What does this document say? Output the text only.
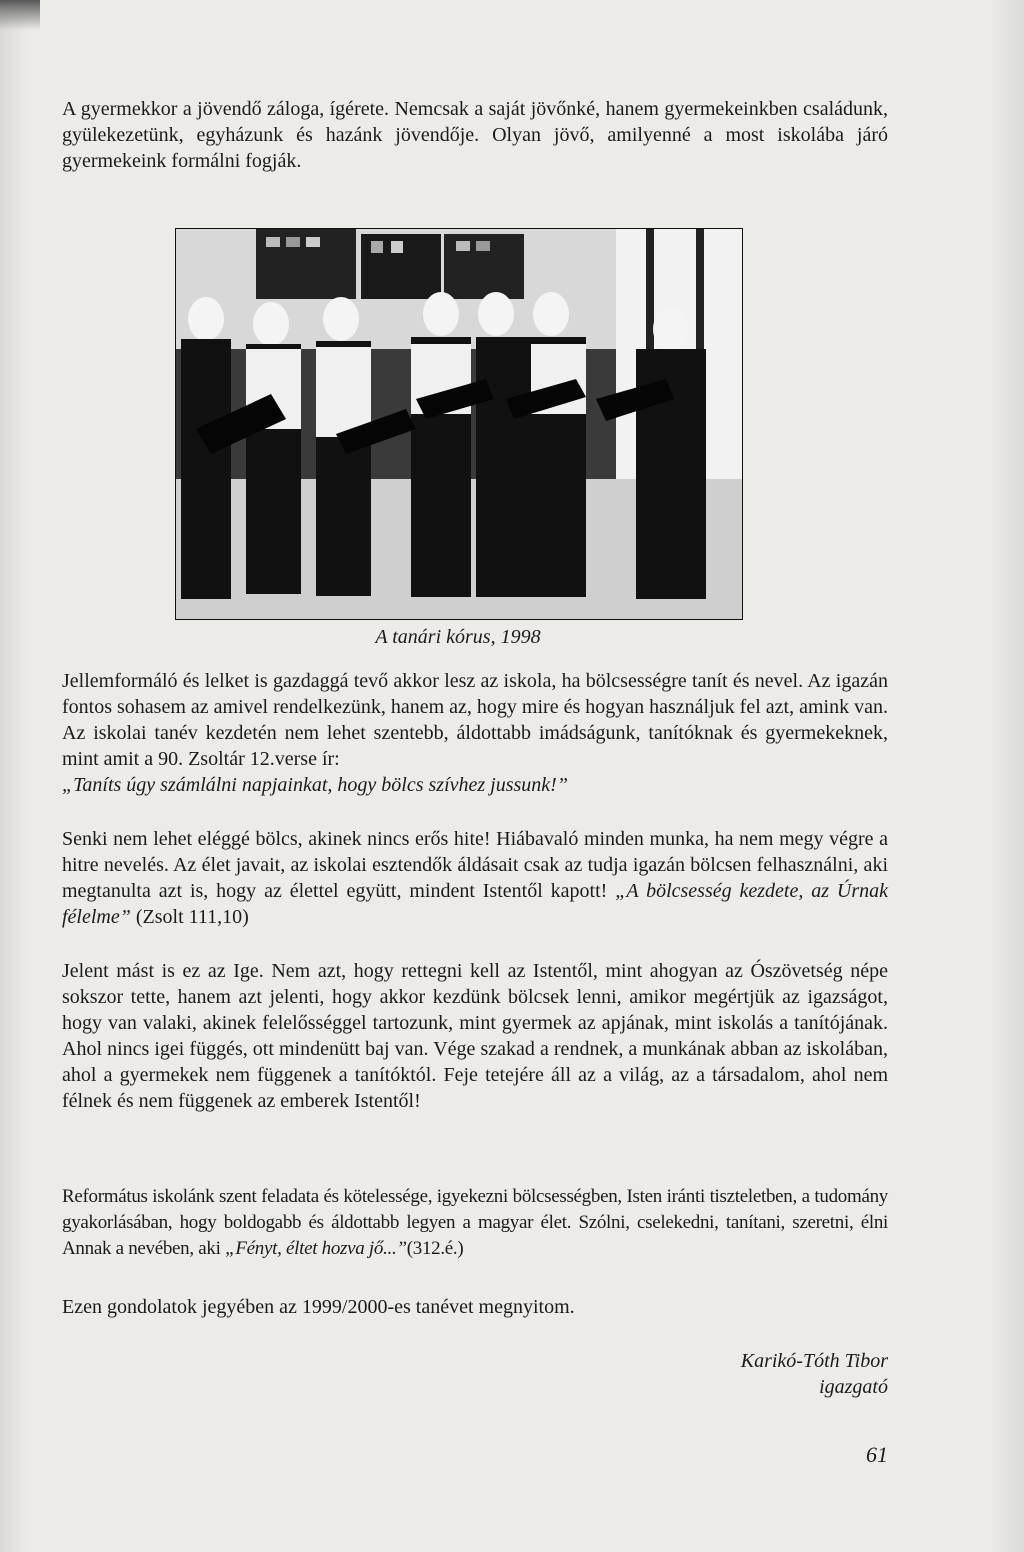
A gyermekkor a jövendő záloga, ígérete. Nemcsak a saját jövőnké, hanem gyermekeinkben családunk, gyülekezetünk, egyházunk és hazánk jövendője. Olyan jövő, amilyenné a most iskolába járó gyermekeink formálni fogják.

A tanári kórus, 1998

Jellemformáló és lelket is gazdaggá tevő akkor lesz az iskola, ha bölcsességre tanít és nevel. Az igazán fontos sohasem az amivel rendelkezünk, hanem az, hogy mire és hogyan használjuk fel azt, amink van. Az iskolai tanév kezdetén nem lehet szentebb, áldottabb imádságunk, tanítóknak és gyermekeknek, mint amit a 90. Zsoltár 12.verse ír:
„Taníts úgy számlálni napjainkat, hogy bölcs szívhez jussunk!”

Senki nem lehet eléggé bölcs, akinek nincs erős hite! Hiábavaló minden munka, ha nem megy végre a hitre nevelés. Az élet javait, az iskolai esztendők áldásait csak az tudja igazán bölcsen felhasználni, aki megtanulta azt is, hogy az élettel együtt, mindent Istentől kapott! „A bölcsesség kezdete, az Úrnak félelme” (Zsolt 111,10)

Jelent mást is ez az Ige. Nem azt, hogy rettegni kell az Istentől, mint ahogyan az Ószövetség népe sokszor tette, hanem azt jelenti, hogy akkor kezdünk bölcsek lenni, amikor megértjük az igazságot, hogy van valaki, akinek felelősséggel tartozunk, mint gyermek az apjának, mint iskolás a tanítójának. Ahol nincs igei függés, ott mindenütt baj van. Vége szakad a rendnek, a munkának abban az iskolában, ahol a gyermekek nem függenek a tanítóktól. Feje tetejére áll az a világ, az a társadalom, ahol nem félnek és nem függenek az emberek Istentől!

Református iskolánk szent feladata és kötelessége, igyekezni bölcsességben, Isten iránti tiszteletben, a tudomány gyakorlásában, hogy boldogabb és áldottabb legyen a magyar élet. Szólni, cselekedni, tanítani, szeretni, élni Annak a nevében, aki „Fényt, éltet hozva jő...”(312.é.)

Ezen gondolatok jegyében az 1999/2000-es tanévet megnyitom.

Karikó-Tóth Tibor
igazgató
61
